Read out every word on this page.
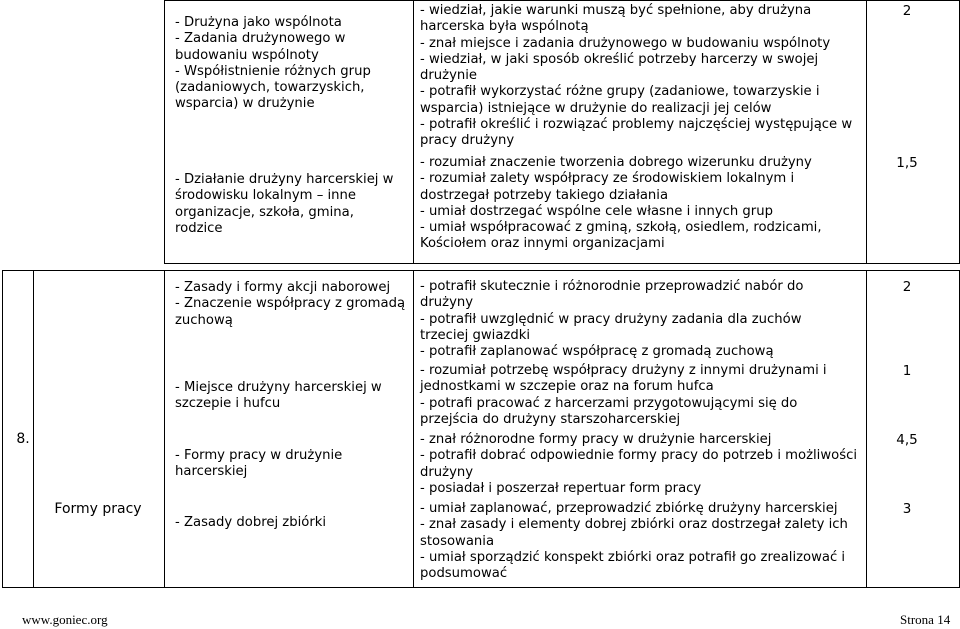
- Drużyna jako wspólnota
- Zadania drużynowego w
budowaniu wspólnoty
- Współistnienie różnych grup
(zadaniowych, towarzyskich,
wsparcia) w drużynie
- Działanie drużyny harcerskiej w
środowisku lokalnym – inne
organizacje, szkoła, gmina,
rodzice
- wiedział, jakie warunki muszą być spełnione, aby drużyna
harcerska była wspólnotą
- znał miejsce i zadania drużynowego w budowaniu wspólnoty
- wiedział, w jaki sposób określić potrzeby harcerzy w swojej
drużynie
- potrafił wykorzystać różne grupy (zadaniowe, towarzyskie i
wsparcia) istniejące w drużynie do realizacji jej celów
- potrafił określić i rozwiązać problemy najczęściej występujące w
pracy drużyny
- rozumiał znaczenie tworzenia dobrego wizerunku drużyny
- rozumiał zalety współpracy ze środowiskiem lokalnym i
dostrzegał potrzeby takiego działania
- umiał dostrzegać wspólne cele własne i innych grup
- umiał współpracować z gminą, szkołą, osiedlem, rodzicami,
Kościołem oraz innymi organizacjami
2
1,5
8.
Formy pracy
- Zasady i formy akcji naborowej
- Znaczenie współpracy z gromadą
zuchową
- Miejsce drużyny harcerskiej w
szczepie i hufcu
- Formy pracy w drużynie
harcerskiej
- Zasady dobrej zbiórki
- potrafił skutecznie i różnorodnie przeprowadzić nabór do
drużyny
- potrafił uwzględnić w pracy drużyny zadania dla zuchów
trzeciej gwiazdki
- potrafił zaplanować współpracę z gromadą zuchową
- rozumiał potrzebę współpracy drużyny z innymi drużynami i
jednostkami w szczepie oraz na forum hufca
- potrafi pracować z harcerzami przygotowującymi się do
przejścia do drużyny starszoharcerskiej
- znał różnorodne formy pracy w drużynie harcerskiej
- potrafił dobrać odpowiednie formy pracy do potrzeb i możliwości
drużyny
- posiadał i poszerzał repertuar form pracy
- umiał zaplanować, przeprowadzić zbiórkę drużyny harcerskiej
- znał zasady i elementy dobrej zbiórki oraz dostrzegał zalety ich
stosowania
- umiał sporządzić konspekt zbiórki oraz potrafił go zrealizować i
podsumować
2
1
4,5
3
www.goniec.org	Strona 14
